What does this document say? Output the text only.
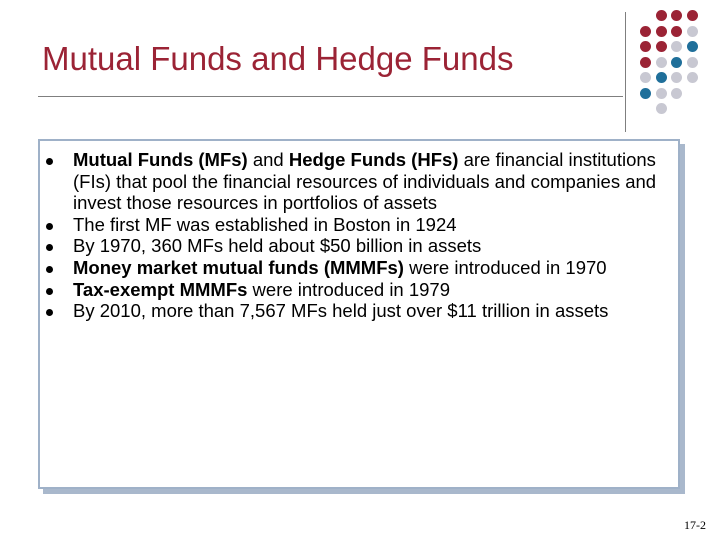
Mutual Funds and Hedge Funds
Mutual Funds (MFs) and Hedge Funds (HFs) are financial institutions (FIs) that pool the financial resources of individuals and companies and invest those resources in portfolios of assets
The first MF was established in Boston in 1924
By 1970, 360 MFs held about $50 billion in assets
Money market mutual funds (MMMFs) were introduced in 1970
Tax-exempt MMMFs were introduced in 1979
By 2010, more than 7,567 MFs held just over $11 trillion in assets
17-2
